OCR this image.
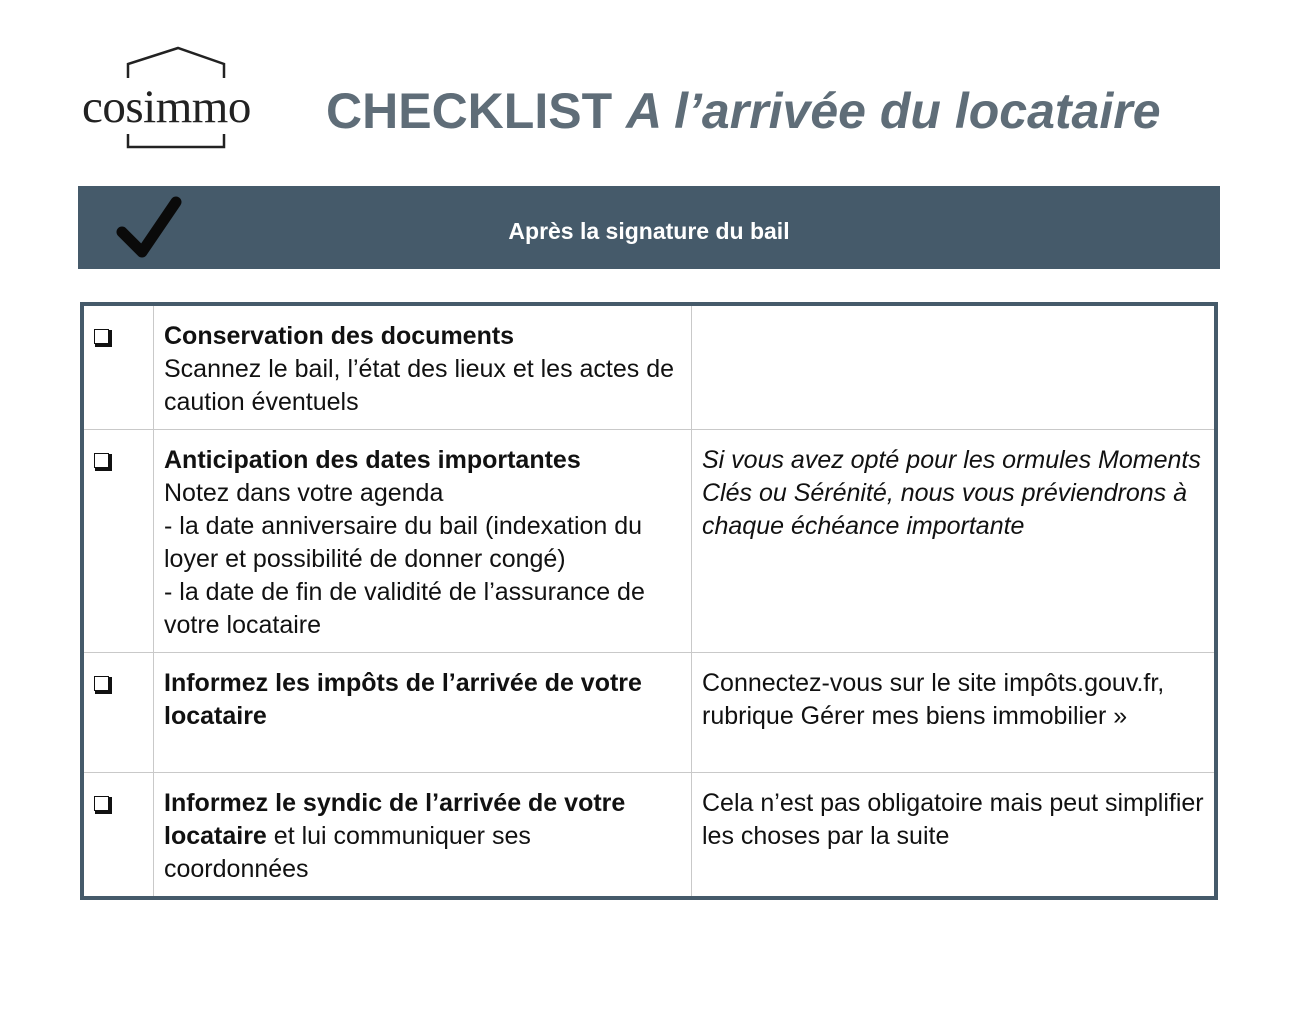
cosimmo	CHECKLIST A l’arrivée du locataire
Après la signature du bail

	Conservation des documents
Scannez le bail, l’état des lieux et les actes de caution éventuels	

	Anticipation des dates importantes
Notez dans votre agenda
- la date anniversaire du bail (indexation du loyer et possibilité de donner congé)
- la date de fin de validité de l’assurance de votre locataire	Si vous avez opté pour les ormules Moments Clés ou Sérénité, nous vous préviendrons à chaque échéance importante

	Informez les impôts de l’arrivée de votre locataire	Connectez-vous sur le site impôts.gouv.fr, rubrique Gérer mes biens immobilier »
	Informez le syndic de l’arrivée de votre locataire et lui communiquer ses coordonnées	Cela n’est pas obligatoire mais peut simplifier les choses par la suite
